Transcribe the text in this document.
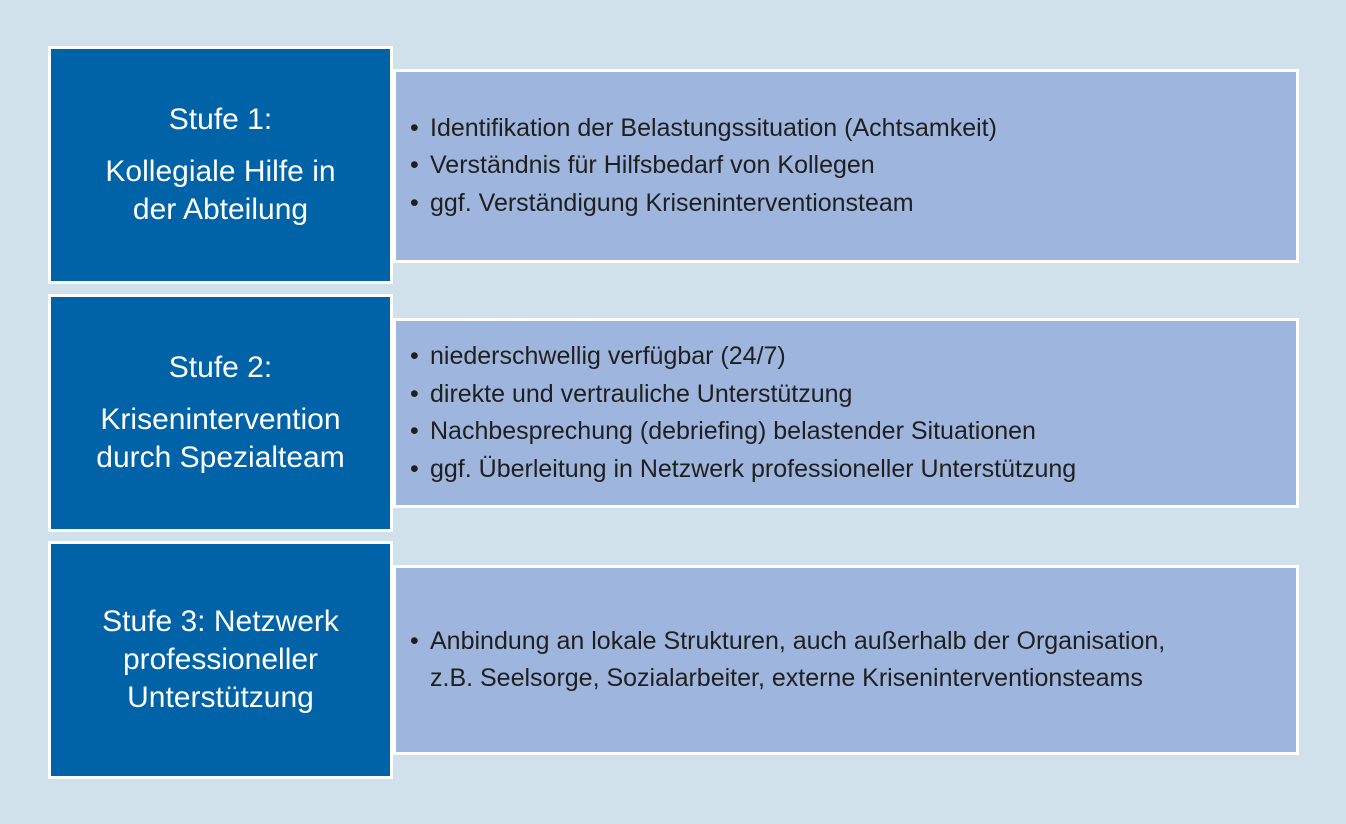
Stufe 1:
Kollegiale Hilfe in
der Abteilung
• Identifikation der Belastungssituation (Achtsamkeit)
• Verständnis für Hilfsbedarf von Kollegen
• ggf. Verständigung Kriseninterventionsteam
Stufe 2:
Krisenintervention
durch Spezialteam
• niederschwellig verfügbar (24/7)
• direkte und vertrauliche Unterstützung
• Nachbesprechung (debriefing) belastender Situationen
• ggf. Überleitung in Netzwerk professioneller Unterstützung
Stufe 3: Netzwerk
professioneller
Unterstützung
• Anbindung an lokale Strukturen, auch außerhalb der Organisation,
z.B. Seelsorge, Sozialarbeiter, externe Kriseninterventionsteams
